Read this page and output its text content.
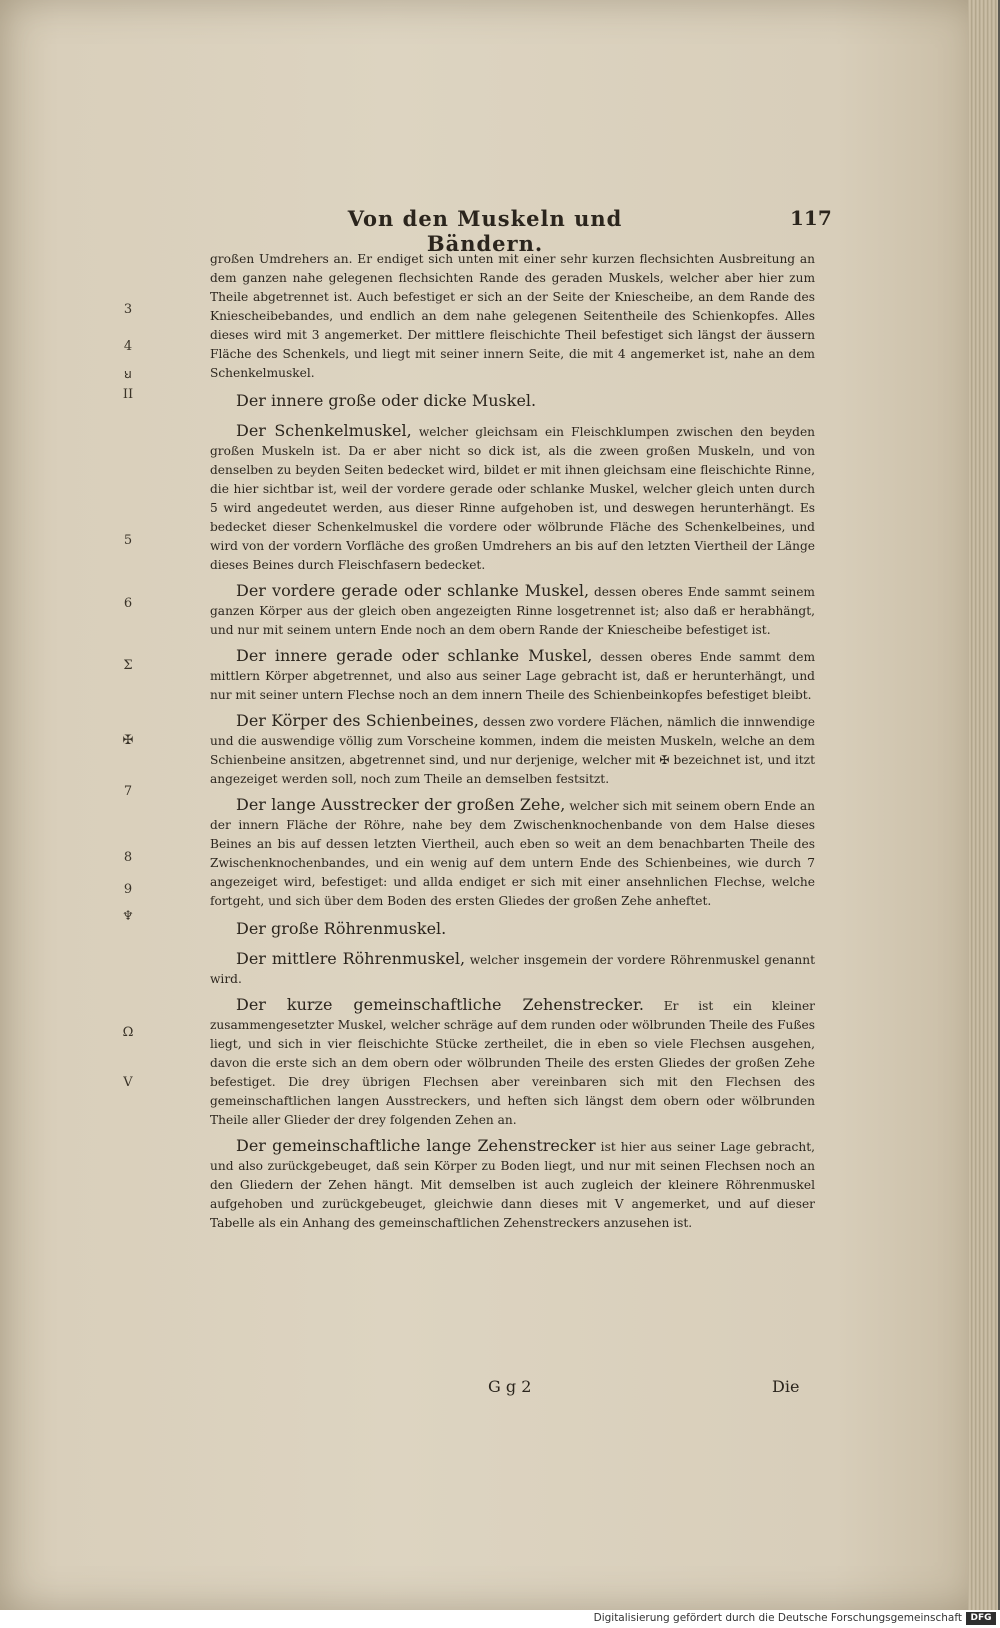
Von den Muskeln und Bändern.
117
3
4
ꞟ
II
5
6
Σ
✠
7
8
9
♆
Ω
V

großen Umdrehers an. Er endiget sich unten mit einer sehr kurzen flechsichten Ausbreitung an dem ganzen nahe gelegenen flechsichten Rande des geraden Muskels, welcher aber hier zum Theile abgetrennet ist. Auch befestiget er sich an der Seite der Kniescheibe, an dem Rande des Kniescheibebandes, und endlich an dem nahe gelegenen Seitentheile des Schienkopfes. Alles dieses wird mit 3 angemerket. Der mittlere fleischichte Theil befestiget sich längst der äussern Fläche des Schenkels, und liegt mit seiner innern Seite, die mit 4 angemerket ist, nahe an dem Schenkelmuskel.

Der innere große oder dicke Muskel.

Der Schenkelmuskel, welcher gleichsam ein Fleischklumpen zwischen den beyden großen Muskeln ist. Da er aber nicht so dick ist, als die zween großen Muskeln, und von denselben zu beyden Seiten bedecket wird, bildet er mit ihnen gleichsam eine fleischichte Rinne, die hier sichtbar ist, weil der vordere gerade oder schlanke Muskel, welcher gleich unten durch 5 wird angedeutet werden, aus dieser Rinne aufgehoben ist, und deswegen herunterhängt. Es bedecket dieser Schenkelmuskel die vordere oder wölbrunde Fläche des Schenkelbeines, und wird von der vordern Vorfläche des großen Umdrehers an bis auf den letzten Viertheil der Länge dieses Beines durch Fleischfasern bedecket.

Der vordere gerade oder schlanke Muskel, dessen oberes Ende sammt seinem ganzen Körper aus der gleich oben angezeigten Rinne losgetrennet ist; also daß er herabhängt, und nur mit seinem untern Ende noch an dem obern Rande der Kniescheibe befestiget ist.

Der innere gerade oder schlanke Muskel, dessen oberes Ende sammt dem mittlern Körper abgetrennet, und also aus seiner Lage gebracht ist, daß er herunterhängt, und nur mit seiner untern Flechse noch an dem innern Theile des Schienbeinkopfes befestiget bleibt.

Der Körper des Schienbeines, dessen zwo vordere Flächen, nämlich die innwendige und die auswendige völlig zum Vorscheine kommen, indem die meisten Muskeln, welche an dem Schienbeine ansitzen, abgetrennet sind, und nur derjenige, welcher mit ✠ bezeichnet ist, und itzt angezeiget werden soll, noch zum Theile an demselben festsitzt.

Der lange Ausstrecker der großen Zehe, welcher sich mit seinem obern Ende an der innern Fläche der Röhre, nahe bey dem Zwischenknochenbande von dem Halse dieses Beines an bis auf dessen letzten Viertheil, auch eben so weit an dem benachbarten Theile des Zwischenknochenbandes, und ein wenig auf dem untern Ende des Schienbeines, wie durch 7 angezeiget wird, befestiget: und allda endiget er sich mit einer ansehnlichen Flechse, welche fortgeht, und sich über dem Boden des ersten Gliedes der großen Zehe anheftet.

Der große Röhrenmuskel.

Der mittlere Röhrenmuskel, welcher insgemein der vordere Röhrenmuskel genannt wird.

Der kurze gemeinschaftliche Zehenstrecker. Er ist ein kleiner zusammengesetzter Muskel, welcher schräge auf dem runden oder wölbrunden Theile des Fußes liegt, und sich in vier fleischichte Stücke zertheilet, die in eben so viele Flechsen ausgehen, davon die erste sich an dem obern oder wölbrunden Theile des ersten Gliedes der großen Zehe befestiget. Die drey übrigen Flechsen aber vereinbaren sich mit den Flechsen des gemeinschaftlichen langen Ausstreckers, und heften sich längst dem obern oder wölbrunden Theile aller Glieder der drey folgenden Zehen an.

Der gemeinschaftliche lange Zehenstrecker ist hier aus seiner Lage gebracht, und also zurückgebeuget, daß sein Körper zu Boden liegt, und nur mit seinen Flechsen noch an den Gliedern der Zehen hängt. Mit demselben ist auch zugleich der kleinere Röhrenmuskel aufgehoben und zurückgebeuget, gleichwie dann dieses mit V angemerket, und auf dieser Tabelle als ein Anhang des gemeinschaftlichen Zehenstreckers anzusehen ist.

G g 2	Die
Digitalisierung gefördert durch die Deutsche Forschungsgemeinschaft DFG
